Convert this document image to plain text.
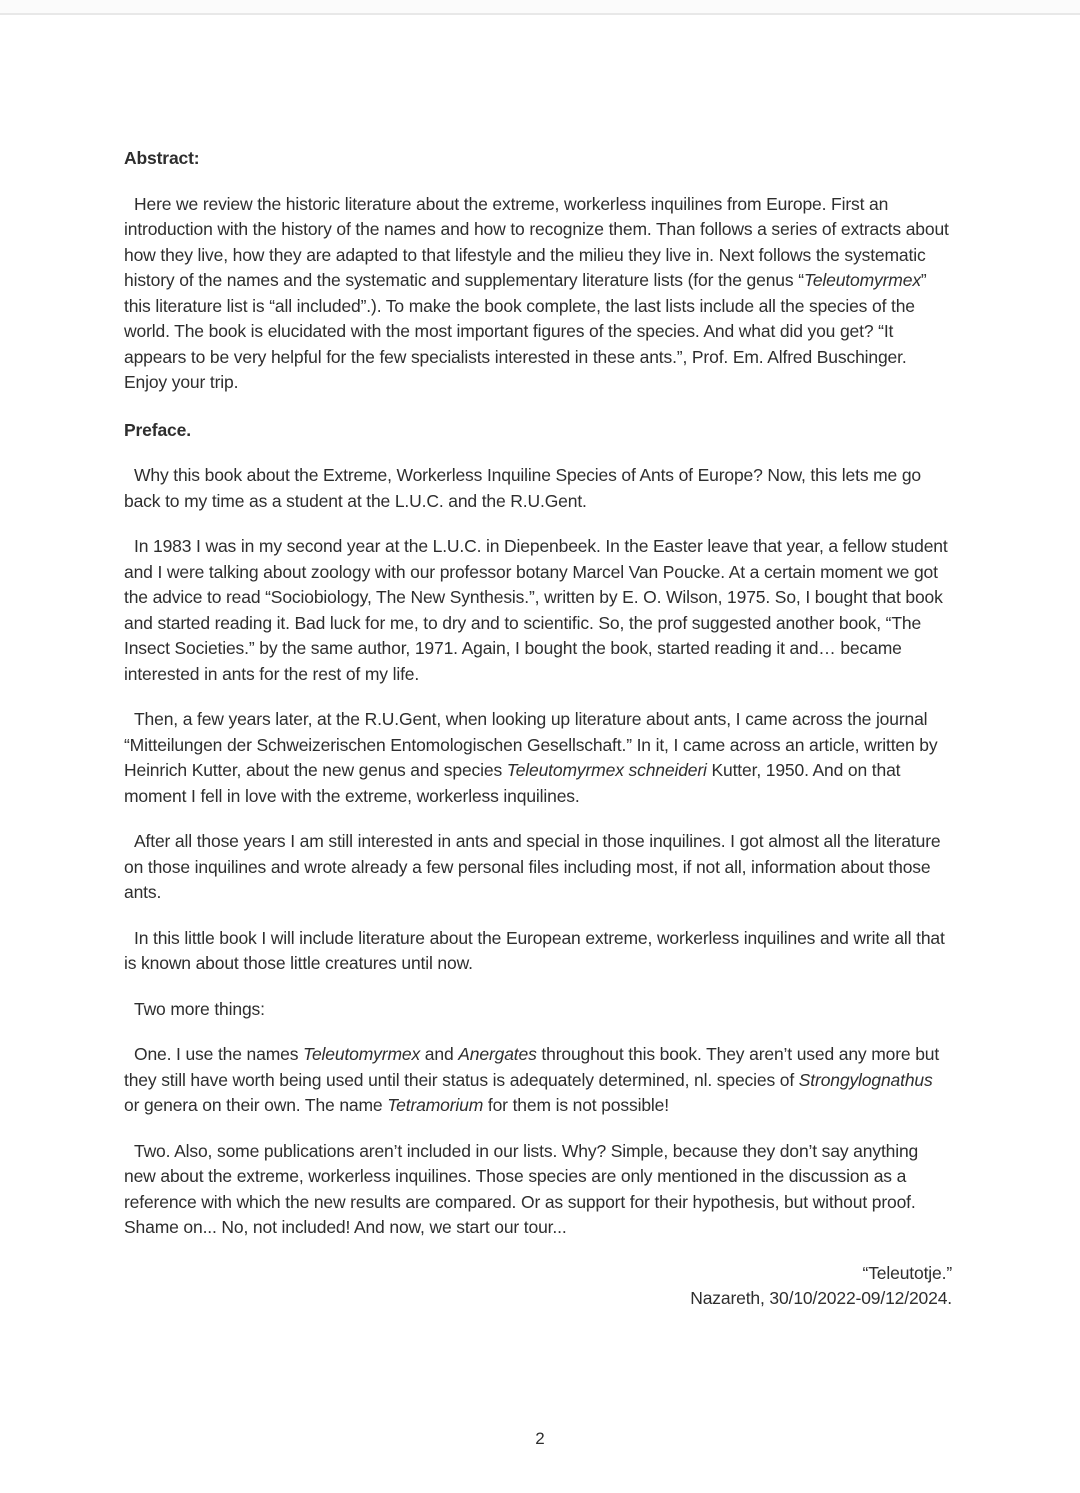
Abstract:

Here we review the historic literature about the extreme, workerless inquilines from Europe. First an introduction with the history of the names and how to recognize them. Than follows a series of extracts about how they live, how they are adapted to that lifestyle and the milieu they live in. Next follows the systematic history of the names and the systematic and supplementary literature lists (for the genus “Teleutomyrmex” this literature list is “all included”.). To make the book complete, the last lists include all the species of the world. The book is elucidated with the most important figures of the species. And what did you get? “It appears to be very helpful for the few specialists interested in these ants.”, Prof. Em. Alfred Buschinger. Enjoy your trip.

Preface.

Why this book about the Extreme, Workerless Inquiline Species of Ants of Europe? Now, this lets me go back to my time as a student at the L.U.C. and the R.U.Gent.

In 1983 I was in my second year at the L.U.C. in Diepenbeek. In the Easter leave that year, a fellow student and I were talking about zoology with our professor botany Marcel Van Poucke. At a certain moment we got the advice to read “Sociobiology, The New Synthesis.”, written by E. O. Wilson, 1975. So, I bought that book and started reading it. Bad luck for me, to dry and to scientific. So, the prof suggested another book, “The Insect Societies.” by the same author, 1971. Again, I bought the book, started reading it and… became interested in ants for the rest of my life.

Then, a few years later, at the R.U.Gent, when looking up literature about ants, I came across the journal “Mitteilungen der Schweizerischen Entomologischen Gesellschaft.” In it, I came across an article, written by Heinrich Kutter, about the new genus and species Teleutomyrmex schneideri Kutter, 1950. And on that moment I fell in love with the extreme, workerless inquilines.

After all those years I am still interested in ants and special in those inquilines. I got almost all the literature on those inquilines and wrote already a few personal files including most, if not all, information about those ants.

In this little book I will include literature about the European extreme, workerless inquilines and write all that is known about those little creatures until now.

Two more things:

One. I use the names Teleutomyrmex and Anergates throughout this book. They aren’t used any more but they still have worth being used until their status is adequately determined, nl. species of Strongylognathus or genera on their own. The name Tetramorium for them is not possible!

Two. Also, some publications aren’t included in our lists. Why? Simple, because they don’t say anything new about the extreme, workerless inquilines. Those species are only mentioned in the discussion as a reference with which the new results are compared. Or as support for their hypothesis, but without proof. Shame on... No, not included! And now, we start our tour...

“Teleutotje.”
Nazareth, 30/10/2022-09/12/2024.
2
